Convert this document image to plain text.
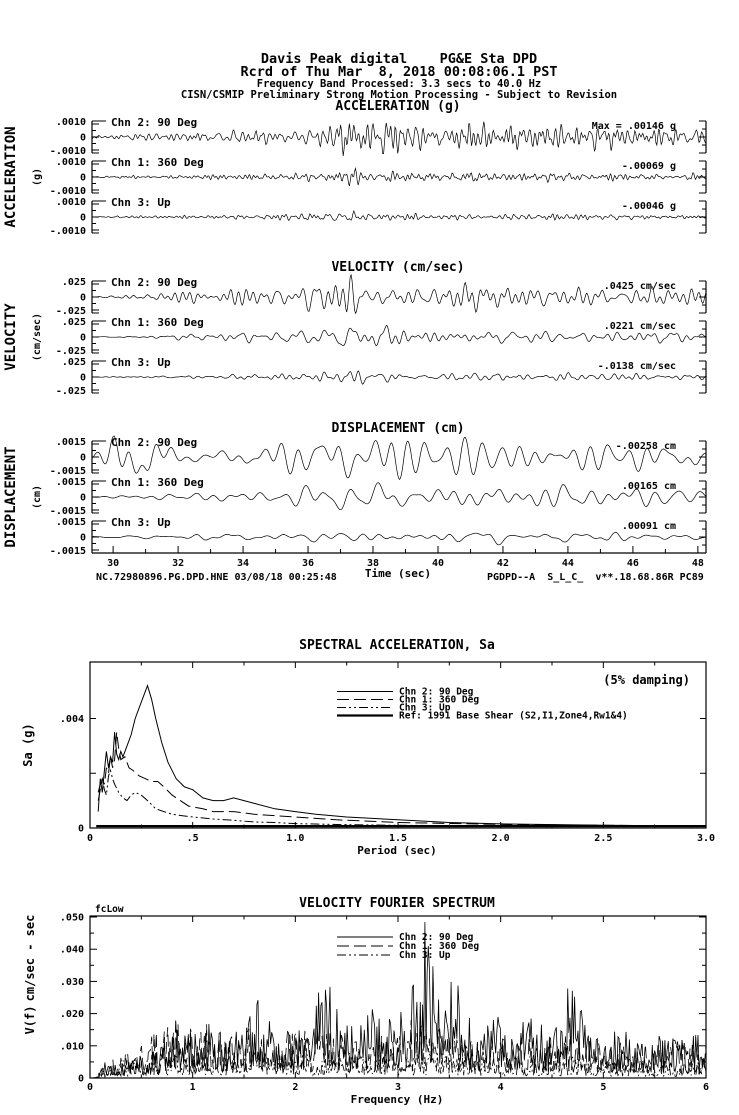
Davis Peak digital    PG&E Sta DPD
Rcrd of Thu Mar  8, 2018 00:08:06.1 PST
Frequency Band Processed: 3.3 secs to 40.0 Hz
CISN/CSMIP Preliminary Strong Motion Processing - Subject to Revision
ACCELERATION (g)
ACCELERATION (g)
.0010
0
-.0010
Chn 2: 90 Deg	Max = .00146 g
.0010
0
-.0010
Chn 1: 360 Deg	-.00069 g
.0010
0
-.0010
Chn 3: Up	-.00046 g
VELOCITY (cm/sec)
VELOCITY (cm/sec)
.025
0
-.025
Chn 2: 90 Deg	.0425 cm/sec
.025
0
-.025
Chn 1: 360 Deg	.0221 cm/sec
.025
0
-.025
Chn 3: Up	-.0138 cm/sec
DISPLACEMENT (cm)
DISPLACEMENT (cm)
.0015
0
-.0015
Chn 2: 90 Deg	-.00258 cm
.0015
0
-.0015
Chn 1: 360 Deg	.00165 cm
.0015
0
-.0015
Chn 3: Up	.00091 cm
30	32	34	36	38	40	42	44	46	48
Time (sec)
NC.72980896.PG.DPD.HNE 03/08/18 00:25:48	PGDPD--A  S_L_C_  v**.18.68.86R PC89
SPECTRAL ACCELERATION, Sa
0	.5	1.0	1.5	2.0	2.5	3.0
0
.004
Period (sec)
Sa (g)
(5% damping)
Chn 2: 90 Deg
Chn 1: 360 Deg
Chn 3: Up
Ref: 1991 Base Shear (S2,I1,Zone4,Rw1&4)
VELOCITY FOURIER SPECTRUM
fcLow
0	1	2	3	4	5	6
0
.010
.020
.030
.040
.050
Frequency (Hz)
cm/sec - sec
V(f)
Chn 2: 90 Deg
Chn 1: 360 Deg
Chn 3: Up
